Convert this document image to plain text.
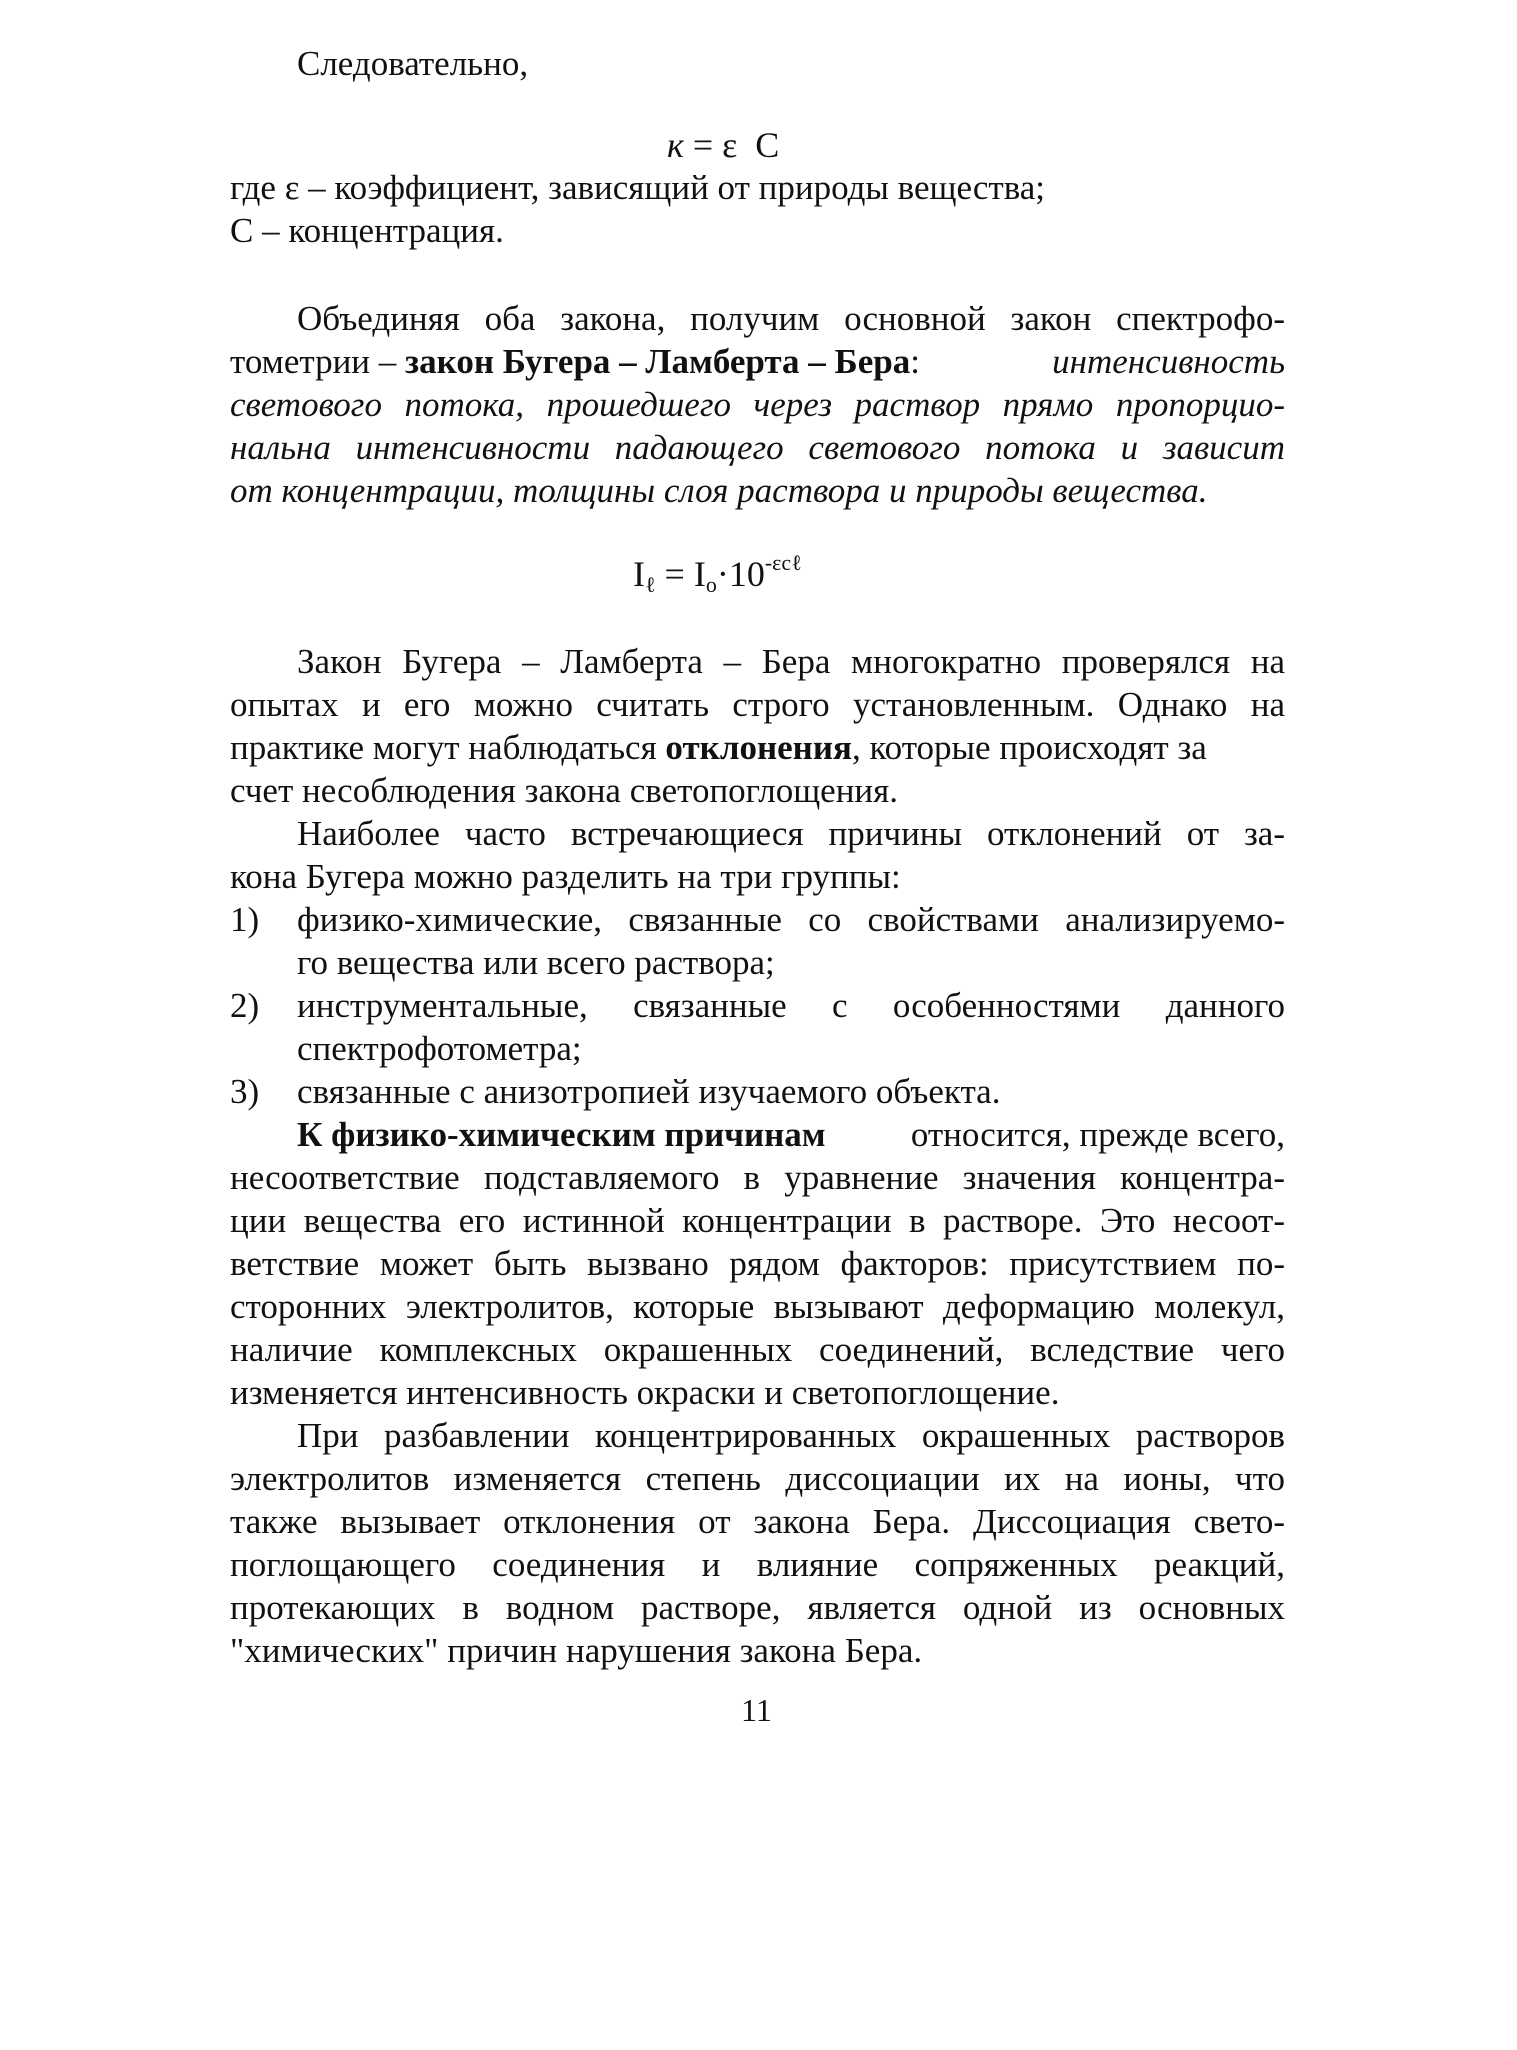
Следовательно,
к = ε  С
где ε – коэффициент, зависящий от природы вещества;
С – концентрация.
Объединяя оба закона, получим основной закон спектрофо-
тометрии – закон Бугера – Ламберта – Бера:	интенсивность
светового потока, прошедшего через раствор прямо пропорцио-
нальна интенсивности падающего светового потока и зависит
от концентрации, толщины слоя раствора и природы вещества.
$I_\ell = I_o\cdot 10^{-\varepsilon c\ell}$
Закон Бугера – Ламберта – Бера многократно проверялся на
опытах и его можно считать строго установленным. Однако на
практике могут наблюдаться отклонения, которые происходят за
счет несоблюдения закона светопоглощения.
Наиболее часто встречающиеся причины отклонений от за-
кона Бугера можно разделить на три группы:
1) физико-химические, связанные со свойствами анализируемо-
го вещества или всего раствора;
2) инструментальные, связанные с особенностями данного
спектрофотометра;
3) связанные с анизотропией изучаемого объекта.
К физико-химическим причинам относится, прежде всего,
несоответствие подставляемого в уравнение значения концентра-
ции вещества его истинной концентрации в растворе. Это несоот-
ветствие может быть вызвано рядом факторов: присутствием по-
сторонних электролитов, которые вызывают деформацию молекул,
наличие комплексных окрашенных соединений, вследствие чего
изменяется интенсивность окраски и светопоглощение.
При разбавлении концентрированных окрашенных растворов
электролитов изменяется степень диссоциации их на ионы, что
также вызывает отклонения от закона Бера. Диссоциация свето-
поглощающего соединения и влияние сопряженных реакций,
протекающих в водном растворе, является одной из основных
"химических" причин нарушения закона Бера.
11
